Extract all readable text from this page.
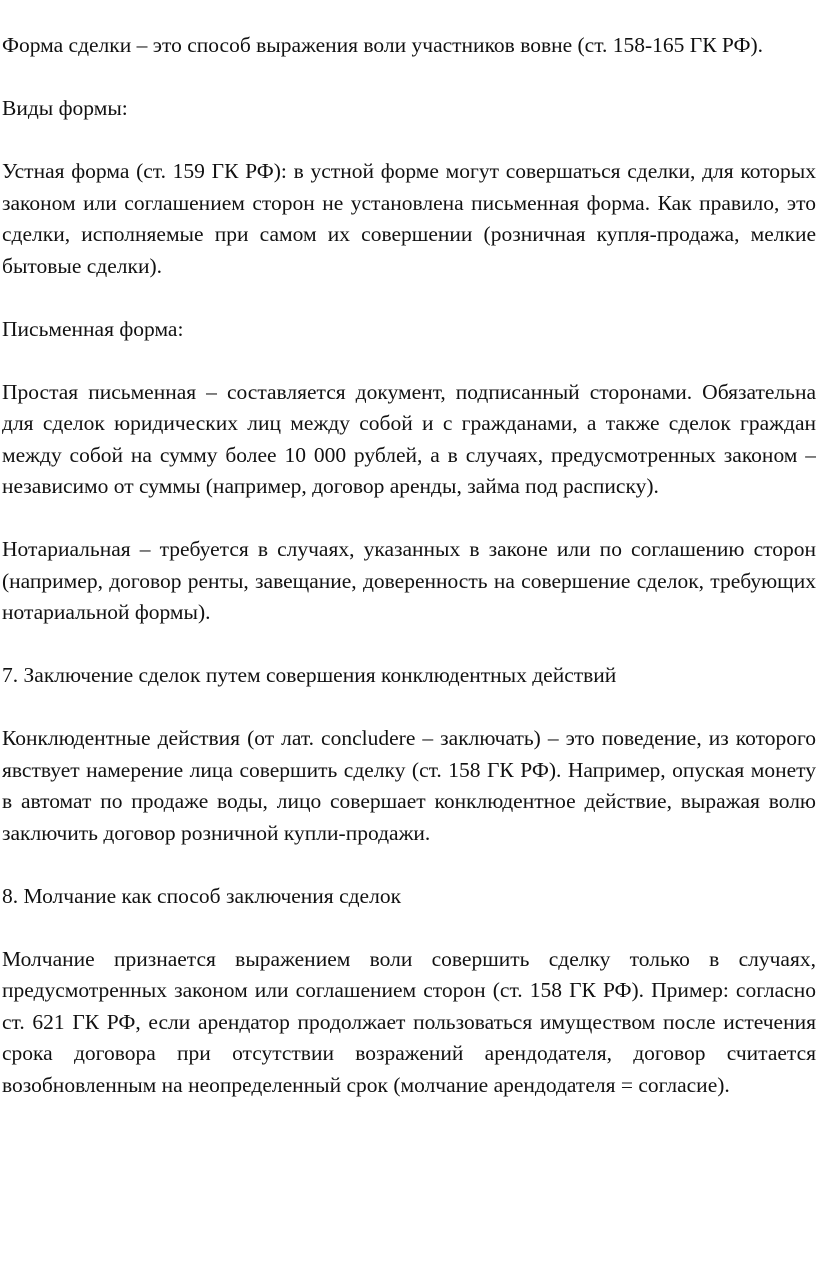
Форма сделки – это способ выражения воли участников вовне (ст. 158-165 ГК РФ).

Виды формы:

Устная форма (ст. 159 ГК РФ): в устной форме могут совершаться сделки, для которых законом или соглашением сторон не установлена письменная форма. Как правило, это сделки, исполняемые при самом их совершении (розничная купля-продажа, мелкие бытовые сделки).

Письменная форма:

Простая письменная – составляется документ, подписанный сторонами. Обязательна для сделок юридических лиц между собой и с гражданами, а также сделок граждан между собой на сумму более 10 000 рублей, а в случаях, предусмотренных законом – независимо от суммы (например, договор аренды, займа под расписку).

Нотариальная – требуется в случаях, указанных в законе или по соглашению сторон (например, договор ренты, завещание, доверенность на совершение сделок, требующих нотариальной формы).

7. Заключение сделок путем совершения конклюдентных действий

Конклюдентные действия (от лат. concludere – заключать) – это поведение, из которого явствует намерение лица совершить сделку (ст. 158 ГК РФ). Например, опуская монету в автомат по продаже воды, лицо совершает конклюдентное действие, выражая волю заключить договор розничной купли-продажи.

8. Молчание как способ заключения сделок

Молчание признается выражением воли совершить сделку только в случаях, предусмотренных законом или соглашением сторон (ст. 158 ГК РФ). Пример: согласно ст. 621 ГК РФ, если арендатор продолжает пользоваться имуществом после истечения срока договора при отсутствии возражений арендодателя, договор считается возобновленным на неопределенный срок (молчание арендодателя = согласие).
